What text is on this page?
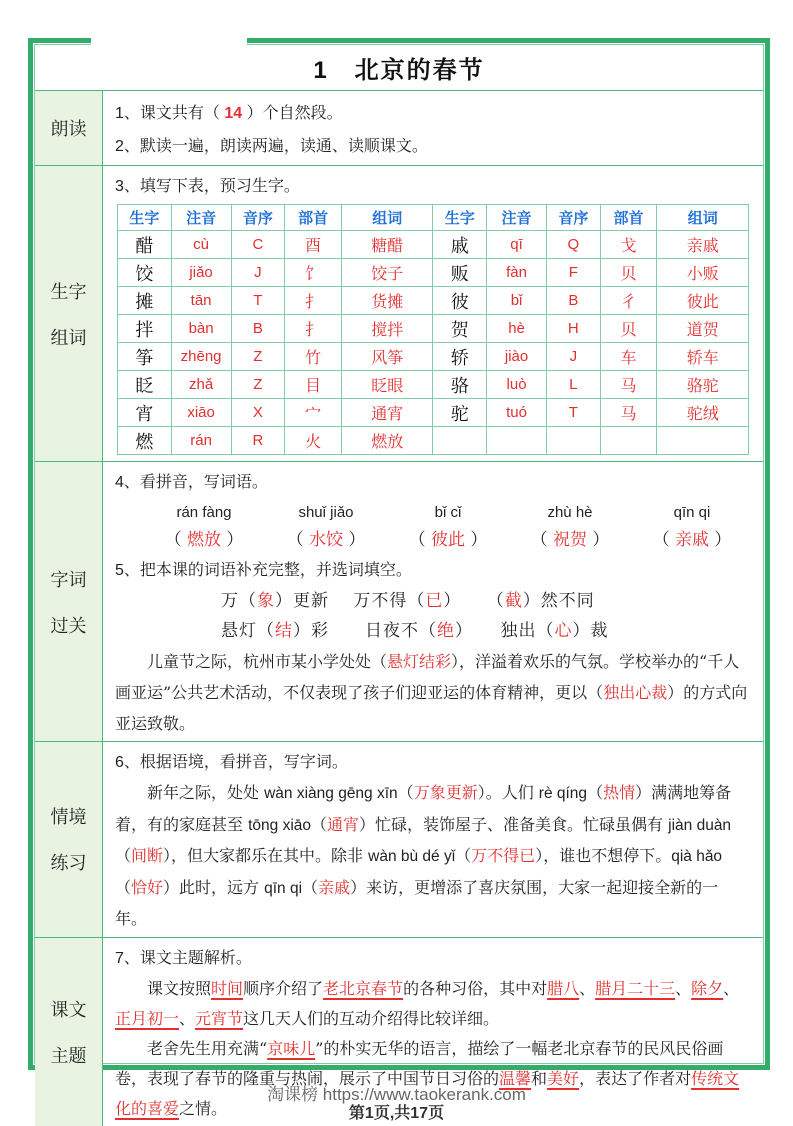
1　北京的春节
朗读
1、课文共有（ 14 ）个自然段。
2、默读一遍，朗读两遍，读通、读顺课文。
生字
组词
3、填写下表，预习生字。
生字	注音	音序	部首	组词	生字	注音	音序	部首	组词
醋	cù	C	酉	糖醋	戚	qī	Q	戈	亲戚
饺	jiǎo	J	饣	饺子	贩	fàn	F	贝	小贩
摊	tān	T	扌	货摊	彼	bǐ	B	彳	彼此
拌	bàn	B	扌	搅拌	贺	hè	H	贝	道贺
筝	zhēng	Z	竹	风筝	轿	jiào	J	车	轿车
眨	zhǎ	Z	目	眨眼	骆	luò	L	马	骆驼
宵	xiāo	X	宀	通宵	驼	tuó	T	马	驼绒
燃	rán	R	火	燃放					
字词
过关
4、看拼音，写词语。
rán fàng
（ 燃放 ）
shuǐ jiǎo
（ 水饺 ）
bǐ cǐ
（ 彼此 ）
zhù hè
（ 祝贺 ）
qīn qi
（ 亲戚 ）
5、把本课的词语补充完整，并选词填空。
万（象）更新　 万不得（已）　 　（截）然不同
悬灯（结）彩　　日夜不（绝）　　独出（心）裁
儿童节之际，杭州市某小学处处（悬灯结彩），洋溢着欢乐的气氛。学校举办的“千人画亚运”公共艺术活动，不仅表现了孩子们迎亚运的体育精神，更以（独出心裁）的方式向亚运致敬。
情境
练习
6、根据语境，看拼音，写字词。
新年之际，处处 wàn xiàng gēng xīn（万象更新）。人们 rè qíng（热情）满满地筹备着，有的家庭甚至 tōng xiāo（通宵）忙碌，装饰屋子、准备美食。忙碌虽偶有 jiàn duàn（间断），但大家都乐在其中。除非 wàn bù dé yǐ（万不得已），谁也不想停下。qià hǎo（恰好）此时，远方 qīn qi（亲戚）来访，更增添了喜庆氛围，大家一起迎接全新的一年。
课文
主题
7、课文主题解析。
课文按照时间顺序介绍了老北京春节的各种习俗，其中对腊八、腊月二十三、除夕、正月初一、元宵节这几天人们的互动介绍得比较详细。
老舍先生用充满“京味儿”的朴实无华的语言，描绘了一幅老北京春节的民风民俗画卷，表现了春节的隆重与热闹，展示了中国节日习俗的温馨和美好，表达了作者对传统文化的喜爱之情。
淘课榜 https://www.taokerank.com
第1页,共17页
